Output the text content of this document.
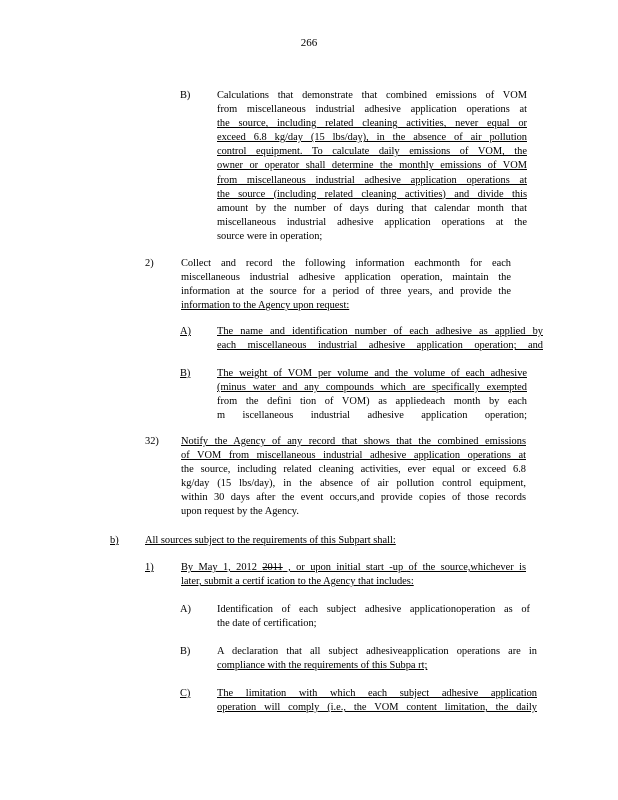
266
B)	Calculations that demonstrate that combined emissions of VOM
from miscellaneous industrial adhesive application operations at
the source, including related cleaning activities, never equal or
exceed 6.8 kg/day (15 lbs/day), in the absence of air pollution
control equipment. To calculate daily emissions of VOM, the
owner or operator shall determine the monthly emissions of VOM
from miscellaneous industrial adhesive application operations at
the source (including related cleaning activities) and divide this
amount by the number of days during that calendar month that
miscellaneous industrial adhesive application operations at the
source were in operation;
2)	Collect and record the following information eachmonth for each
miscellaneous industrial adhesive application operation, maintain the
information at the source for a period of three years, and provide the
information to the Agency upon request:
A)	The name and identification number of each adhesive as applied by
each miscellaneous industrial adhesive application operation; and
B)	The weight of VOM per volume and the volume of each adhesive
(minus water and any compounds which are specifically exempted
from the defini tion of VOM) as appliedeach month by each
m iscellaneous industrial adhesive application operation;
32) Notify the Agency of any record that shows that the combined emissions
of VOM from miscellaneous industrial adhesive application operations at
the source, including related cleaning activities, ever equal or exceed 6.8
kg/day (15 lbs/day), in the absence of air pollution control equipment,
within 30 days after the event occurs,and provide copies of those records
upon request by the Agency.
b)	All sources subject to the requirements of this Subpart shall:
1)	By May 1, 2012 2011 , or upon initial start -up of the source,whichever is
later, submit a certif ication to the Agency that includes:
A)	Identification of each subject adhesive applicationoperation as of
the date of certification;
B)	A declaration that all subject adhesiveapplication operations are in
compliance with the requirements of this Subpa rt;
C)	The limitation with which each subject adhesive application
operation will comply (i.e., the VOM content limitation, the daily
